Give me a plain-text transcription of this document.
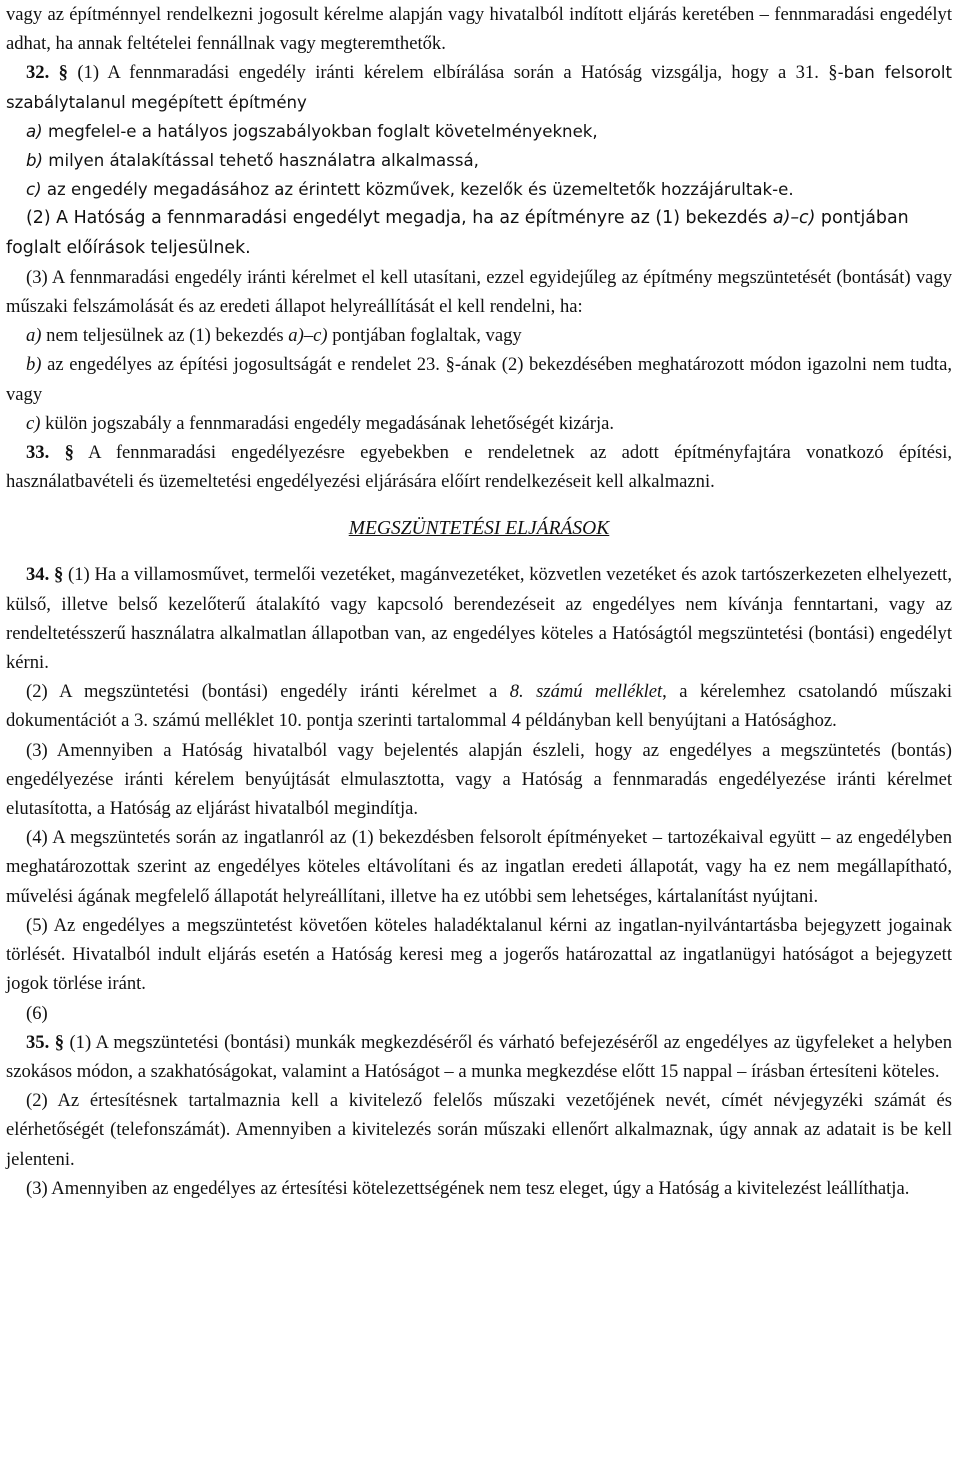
vagy az építménnyel rendelkezni jogosult kérelme alapján vagy hivatalból indított eljárás keretében – fennmaradási engedélyt adhat, ha annak feltételei fennállnak vagy megteremthetők.

32. § (1) A fennmaradási engedély iránti kérelem elbírálása során a Hatóság vizsgálja, hogy a 31. §-ban felsorolt szabálytalanul megépített építmény

a) megfelel-e a hatályos jogszabályokban foglalt követelményeknek,

b) milyen átalakítással tehető használatra alkalmassá,

c) az engedély megadásához az érintett közművek, kezelők és üzemeltetők hozzájárultak-e.

(2) A Hatóság a fennmaradási engedélyt megadja, ha az építményre az (1) bekezdés a)–c) pontjában foglalt előírások teljesülnek.

(3) A fennmaradási engedély iránti kérelmet el kell utasítani, ezzel egyidejűleg az építmény megszüntetését (bontását) vagy műszaki felszámolását és az eredeti állapot helyreállítását el kell rendelni, ha:

a) nem teljesülnek az (1) bekezdés a)–c) pontjában foglaltak, vagy

b) az engedélyes az építési jogosultságát e rendelet 23. §-ának (2) bekezdésében meghatározott módon igazolni nem tudta, vagy

c) külön jogszabály a fennmaradási engedély megadásának lehetőségét kizárja.

33. § A fennmaradási engedélyezésre egyebekben e rendeletnek az adott építményfajtára vonatkozó építési, használatbavételi és üzemeltetési engedélyezési eljárására előírt rendelkezéseit kell alkalmazni.

MEGSZÜNTETÉSI ELJÁRÁSOK

34. § (1) Ha a villamosművet, termelői vezetéket, magánvezetéket, közvetlen vezetéket és azok tartószerkezeten elhelyezett, külső, illetve belső kezelőterű átalakító vagy kapcsoló berendezéseit az engedélyes nem kívánja fenntartani, vagy az rendeltetésszerű használatra alkalmatlan állapotban van, az engedélyes köteles a Hatóságtól megszüntetési (bontási) engedélyt kérni.

(2) A megszüntetési (bontási) engedély iránti kérelmet a 8. számú melléklet, a kérelemhez csatolandó műszaki dokumentációt a 3. számú melléklet 10. pontja szerinti tartalommal 4 példányban kell benyújtani a Hatósághoz.

(3) Amennyiben a Hatóság hivatalból vagy bejelentés alapján észleli, hogy az engedélyes a megszüntetés (bontás) engedélyezése iránti kérelem benyújtását elmulasztotta, vagy a Hatóság a fennmaradás engedélyezése iránti kérelmet elutasította, a Hatóság az eljárást hivatalból megindítja.

(4) A megszüntetés során az ingatlanról az (1) bekezdésben felsorolt építményeket – tartozékaival együtt – az engedélyben meghatározottak szerint az engedélyes köteles eltávolítani és az ingatlan eredeti állapotát, vagy ha ez nem megállapítható, művelési ágának megfelelő állapotát helyreállítani, illetve ha ez utóbbi sem lehetséges, kártalanítást nyújtani.

(5) Az engedélyes a megszüntetést követően köteles haladéktalanul kérni az ingatlan-nyilvántartásba bejegyzett jogainak törlését. Hivatalból indult eljárás esetén a Hatóság keresi meg a jogerős határozattal az ingatlanügyi hatóságot a bejegyzett jogok törlése iránt.

(6)

35. § (1) A megszüntetési (bontási) munkák megkezdéséről és várható befejezéséről az engedélyes az ügyfeleket a helyben szokásos módon, a szakhatóságokat, valamint a Hatóságot – a munka megkezdése előtt 15 nappal – írásban értesíteni köteles.

(2) Az értesítésnek tartalmaznia kell a kivitelező felelős műszaki vezetőjének nevét, címét névjegyzéki számát és elérhetőségét (telefonszámát). Amennyiben a kivitelezés során műszaki ellenőrt alkalmaznak, úgy annak az adatait is be kell jelenteni.

(3) Amennyiben az engedélyes az értesítési kötelezettségének nem tesz eleget, úgy a Hatóság a kivitelezést leállíthatja.
